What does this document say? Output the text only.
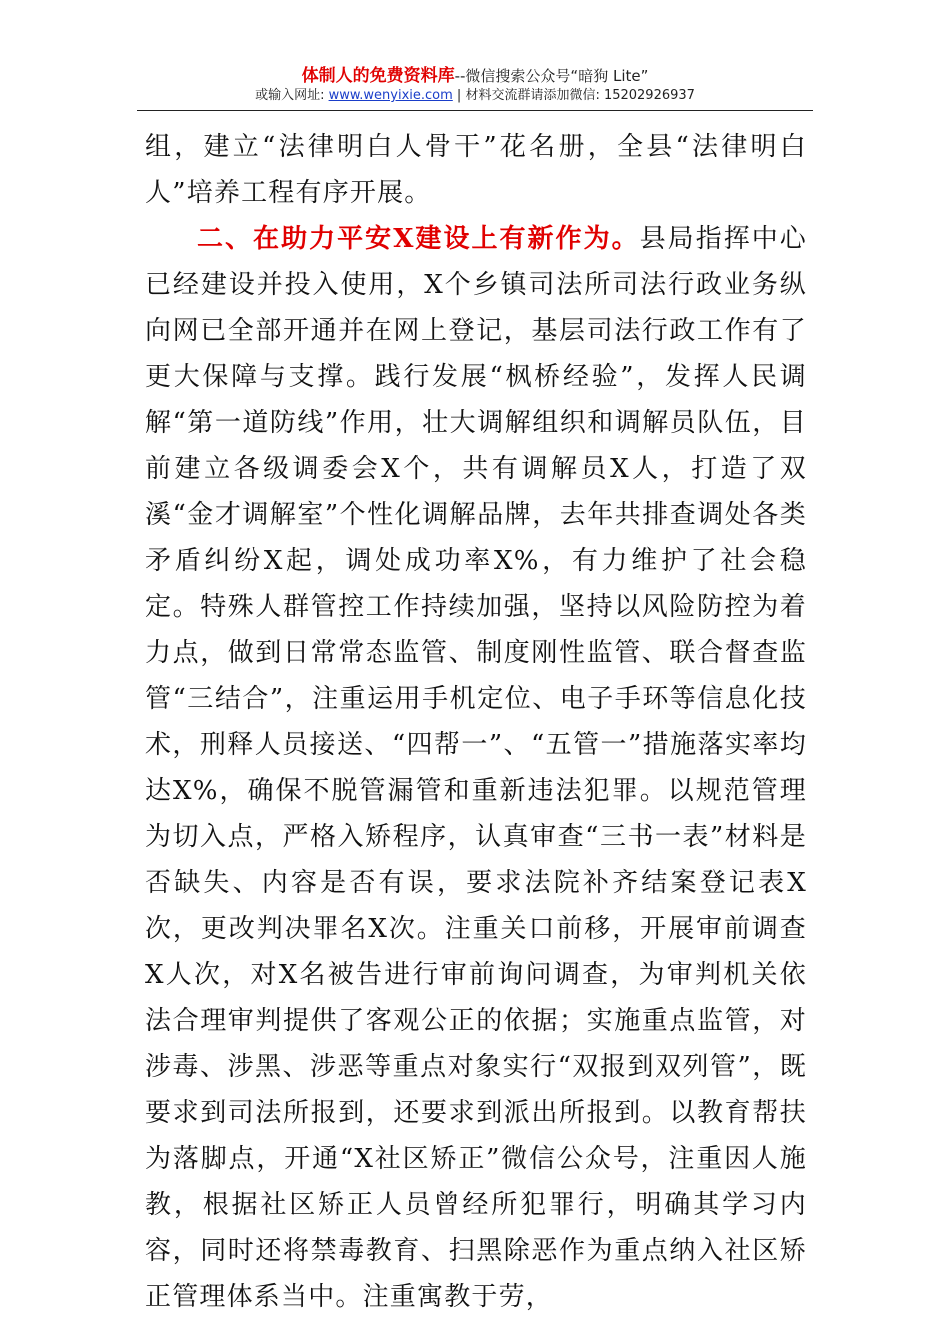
体制人的免费资料库--微信搜索公众号“暗狗 Lite”
或输入网址: www.wenyixie.com | 材料交流群请添加微信: 15202926937

组，建立“法律明白人骨干”花名册，全县“法律明白人”培养工程有序开展。

二、在助力平安X建设上有新作为。县局指挥中心已经建设并投入使用，X个乡镇司法所司法行政业务纵向网已全部开通并在网上登记，基层司法行政工作有了更大保障与支撑。践行发展“枫桥经验”，发挥人民调解“第一道防线”作用，壮大调解组织和调解员队伍，目前建立各级调委会X个，共有调解员X人，打造了双溪“金才调解室”个性化调解品牌，去年共排查调处各类矛盾纠纷X起，调处成功率X%，有力维护了社会稳定。特殊人群管控工作持续加强，坚持以风险防控为着力点，做到日常常态监管、制度刚性监管、联合督查监管“三结合”，注重运用手机定位、电子手环等信息化技术，刑释人员接送、“四帮一”、“五管一”措施落实率均达X%，确保不脱管漏管和重新违法犯罪。以规范管理为切入点，严格入矫程序，认真审查“三书一表”材料是否缺失、内容是否有误，要求法院补齐结案登记表X次，更改判决罪名X次。注重关口前移，开展审前调查X人次，对X名被告进行审前询问调查，为审判机关依法合理审判提供了客观公正的依据；实施重点监管，对涉毒、涉黑、涉恶等重点对象实行“双报到双列管”，既要求到司法所报到，还要求到派出所报到。以教育帮扶为落脚点，开通“X社区矫正”微信公众号，注重因人施教，根据社区矫正人员曾经所犯罪行，明确其学习内容，同时还将禁毒教育、扫黑除恶作为重点纳入社区矫正管理体系当中。注重寓教于劳，
